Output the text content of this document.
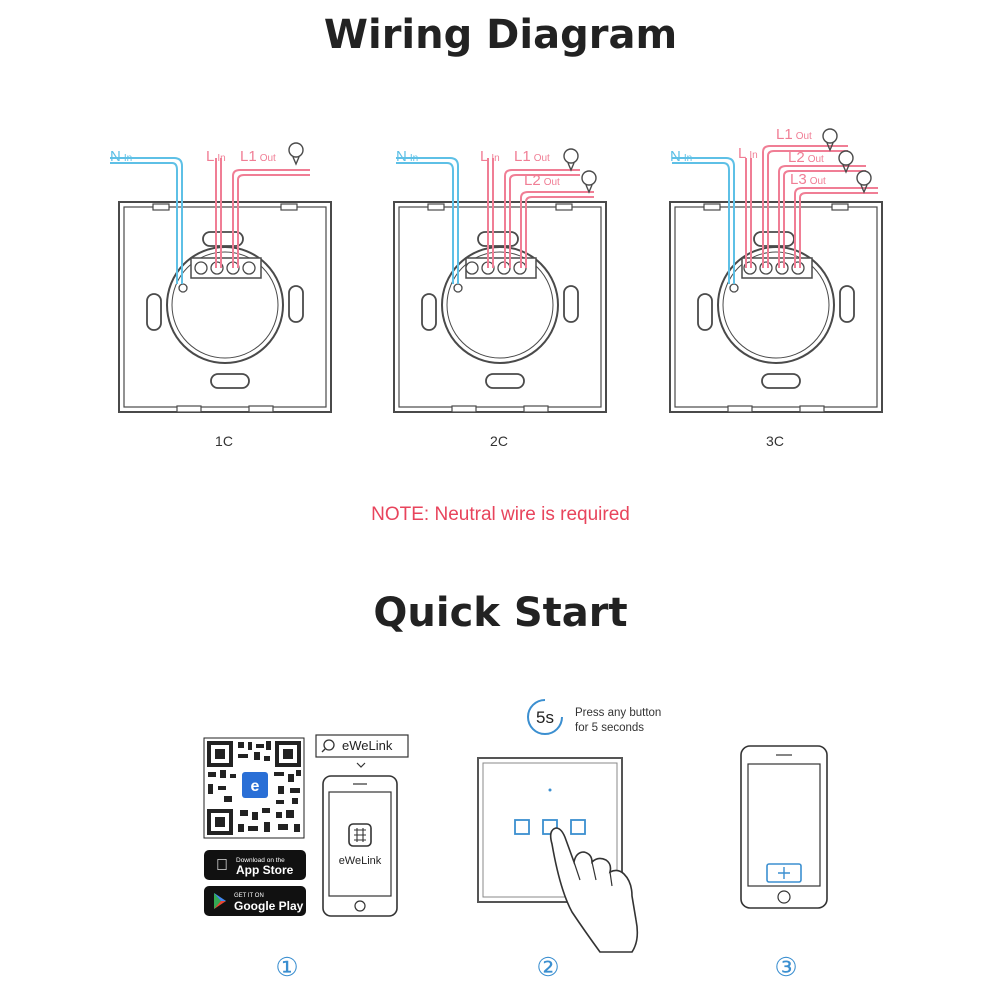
Wiring Diagram
N In	L In L1 Out
1C
N In	L In L1 Out
L2 Out
2C
N In	L In
L1 Out
L2 Out
L3 Out
3C
NOTE: Neutral wire is required
Quick Start
e
Download on the
App Store
GET IT ON
Google Play
eWeLink
eWeLink
5s Press any button
for 5 seconds
①	②	③
